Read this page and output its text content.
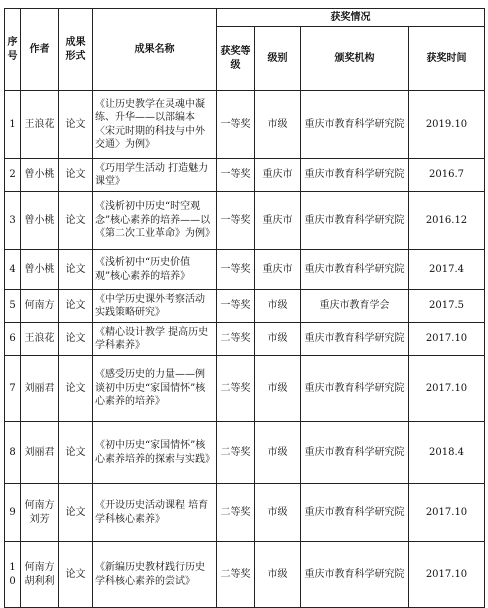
序号	作者	成果形式	成果名称	获奖情况			
				获奖等级	级别	颁奖机构	获奖时间
1	王浪花	论文	《让历史教学在灵魂中凝练、升华——以部编本〈宋元时期的科技与中外交通〉为例》	一等奖	市级	重庆市教育科学研究院	2019.10
2	曾小桃	论文	《巧用学生活动 打造魅力课堂》	一等奖	重庆市	重庆市教育科学研究院	2016.7
3	曾小桃	论文	《浅析初中历史“时空观念”核心素养的培养——以《第二次工业革命》为例》	一等奖	重庆市	重庆市教育科学研究院	2016.12
4	曾小桃	论文	《浅析初中“历史价值观”核心素养的培养》	一等奖	重庆市	重庆市教育科学研究院	2017.4
5	何南方	论文	《中学历史课外考察活动实践策略研究》	一等奖	市级	重庆市教育学会	2017.5
6	王浪花	论文	《精心设计教学 提高历史学科素养》	二等奖	市级	重庆市教育科学研究院	2017.10
7	刘丽君	论文	《感受历史的力量——例谈初中历史“家国情怀”核心素养的培养》	二等奖	市级	重庆市教育科学研究院	2017.10
8	刘丽君	论文	《初中历史“家国情怀”核心素养培养的探索与实践》	二等奖	市级	重庆市教育科学研究院	2018.4
9	何南方刘芳	论文	《开设历史活动课程 培育学科核心素养》	二等奖	市级	重庆市教育科学研究院	2017.10
10	何南方胡利利	论文	《新编历史教材践行历史学科核心素养的尝试》	二等奖	市级	重庆市教育科学研究院	2017.10
